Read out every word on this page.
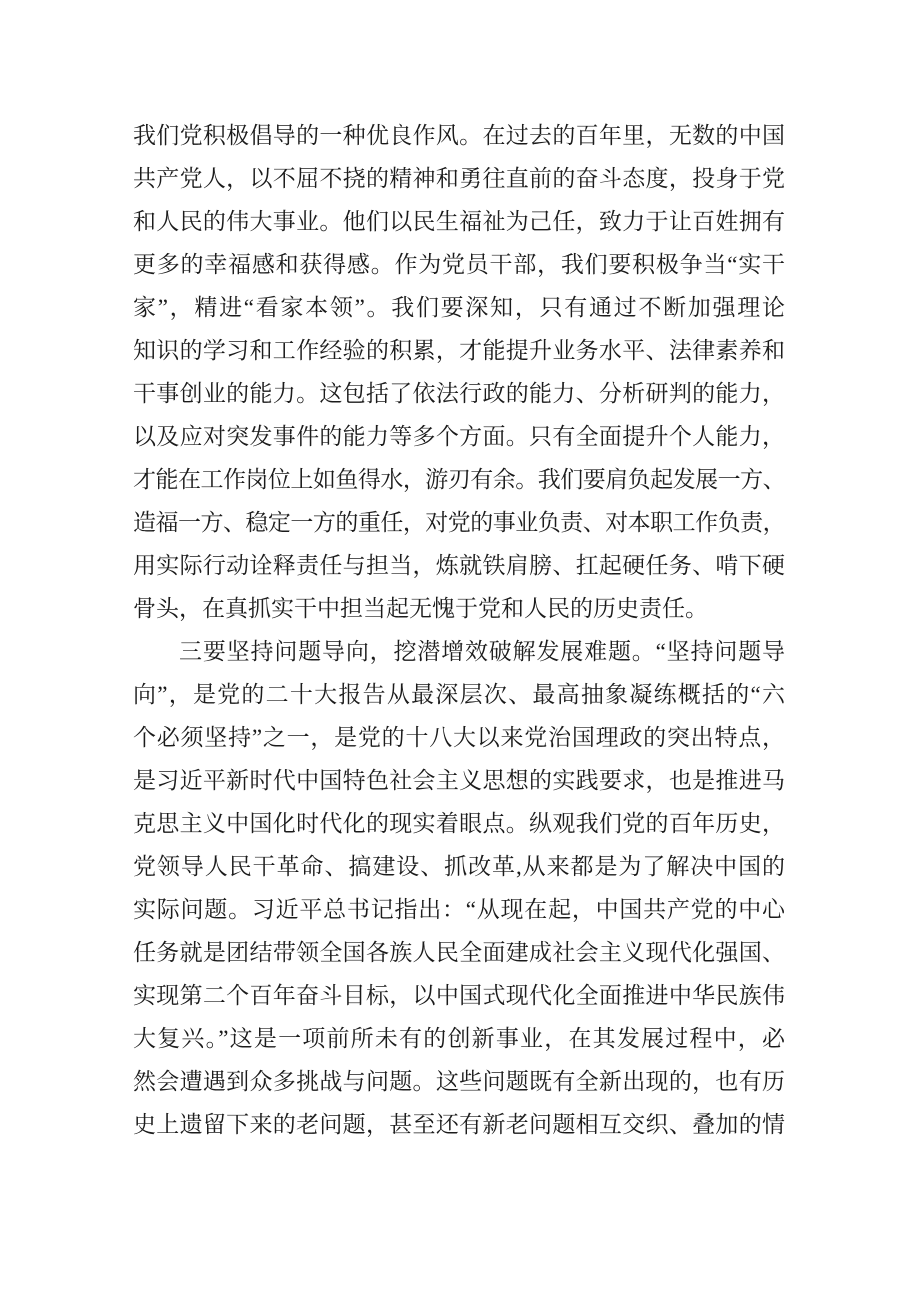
我们党积极倡导的一种优良作风。在过去的百年里，无数的中国
共产党人，以不屈不挠的精神和勇往直前的奋斗态度，投身于党
和人民的伟大事业。他们以民生福祉为己任，致力于让百姓拥有
更多的幸福感和获得感。作为党员干部，我们要积极争当“实干
家”，精进“看家本领”。我们要深知，只有通过不断加强理论
知识的学习和工作经验的积累，才能提升业务水平、法律素养和
干事创业的能力。这包括了依法行政的能力、分析研判的能力，
以及应对突发事件的能力等多个方面。只有全面提升个人能力，
才能在工作岗位上如鱼得水，游刃有余。我们要肩负起发展一方、
造福一方、稳定一方的重任，对党的事业负责、对本职工作负责，
用实际行动诠释责任与担当，炼就铁肩膀、扛起硬任务、啃下硬
骨头，在真抓实干中担当起无愧于党和人民的历史责任。
三要坚持问题导向，挖潜增效破解发展难题。“坚持问题导
向”，是党的二十大报告从最深层次、最高抽象凝练概括的“六
个必须坚持”之一，是党的十八大以来党治国理政的突出特点，
是习近平新时代中国特色社会主义思想的实践要求，也是推进马
克思主义中国化时代化的现实着眼点。纵观我们党的百年历史，
党领导人民干革命、搞建设、抓改革,从来都是为了解决中国的
实际问题。习近平总书记指出：“从现在起，中国共产党的中心
任务就是团结带领全国各族人民全面建成社会主义现代化强国、
实现第二个百年奋斗目标，以中国式现代化全面推进中华民族伟
大复兴。”这是一项前所未有的创新事业，在其发展过程中，必
然会遭遇到众多挑战与问题。这些问题既有全新出现的，也有历
史上遗留下来的老问题，甚至还有新老问题相互交织、叠加的情
